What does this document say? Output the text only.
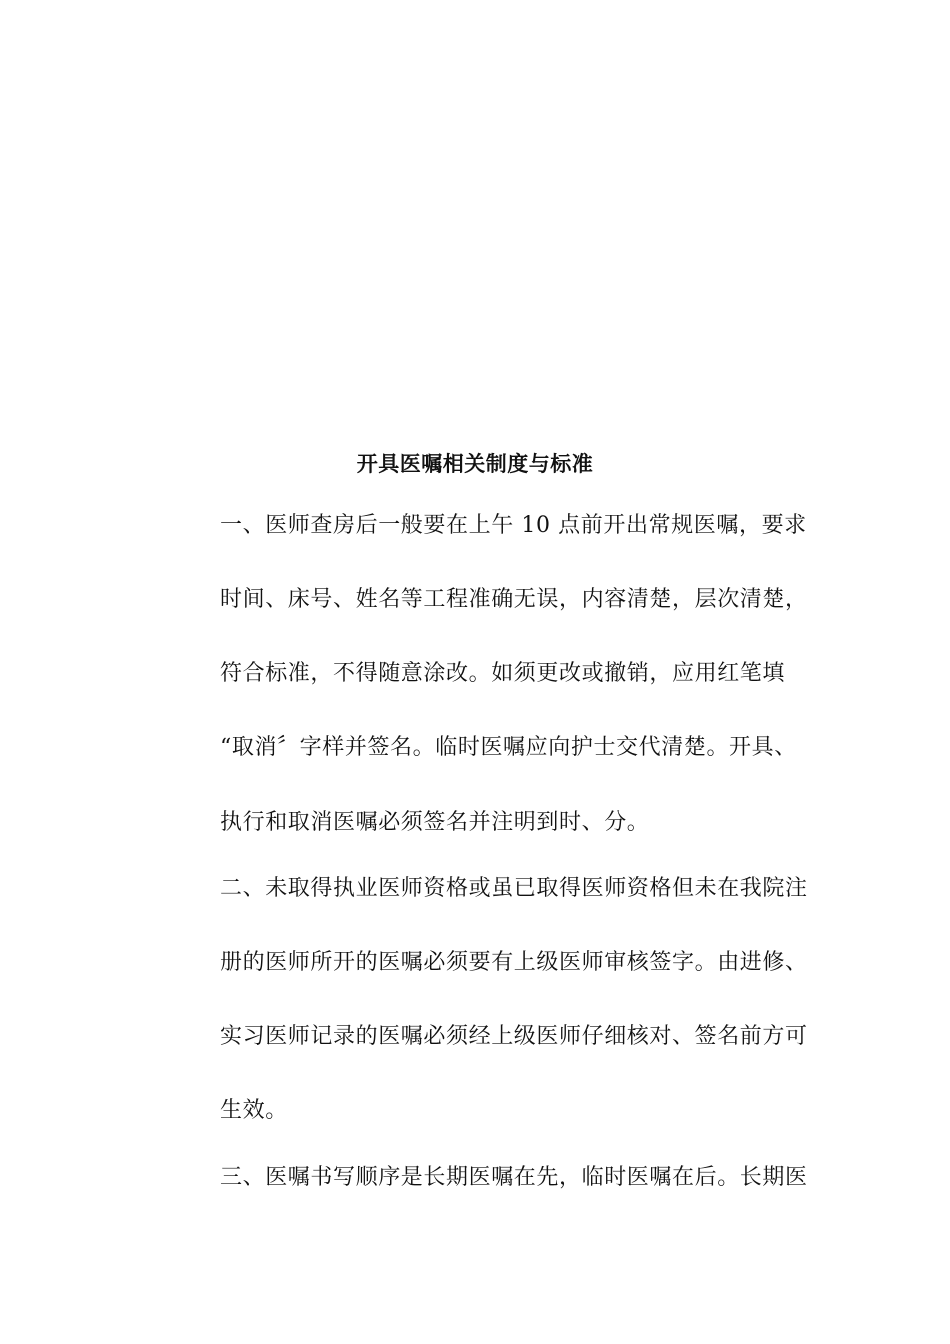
开具医嘱相关制度与标准
一、医师查房后一般要在上午 10 点前开出常规医嘱，要求
时间、床号、姓名等工程准确无误，内容清楚，层次清楚，
符合标准，不得随意涂改。如须更改或撤销，应用红笔填
“取消〞字样并签名。临时医嘱应向护士交代清楚。开具、
执行和取消医嘱必须签名并注明到时、分。
二、未取得执业医师资格或虽已取得医师资格但未在我院注
册的医师所开的医嘱必须要有上级医师审核签字。由进修、
实习医师记录的医嘱必须经上级医师仔细核对、签名前方可
生效。
三、医嘱书写顺序是长期医嘱在先，临时医嘱在后。长期医
